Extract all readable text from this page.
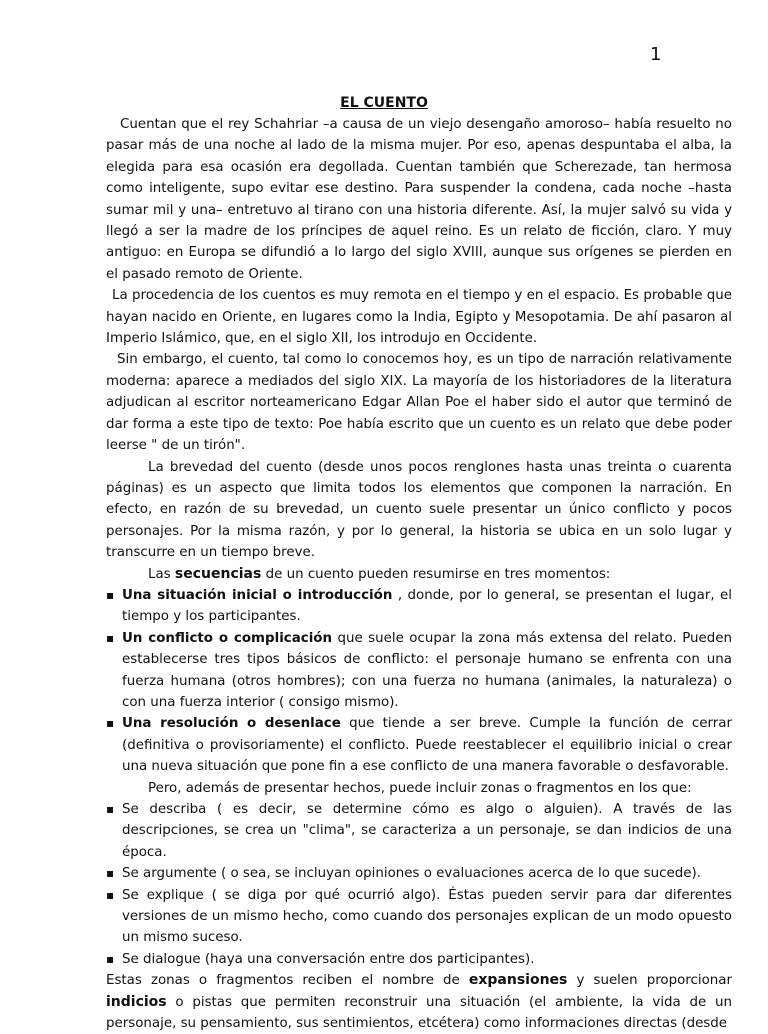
1
EL CUENTO

Cuentan que el rey Schahriar –a causa de un viejo desengaño amoroso– había resuelto no pasar más de una noche al lado de la misma mujer. Por eso, apenas despuntaba el alba, la elegida para esa ocasión era degollada. Cuentan también que Scherezade, tan hermosa como inteligente, supo evitar ese destino. Para suspender la condena, cada noche –hasta sumar mil y una– entretuvo al tirano con una historia diferente. Así, la mujer salvó su vida y llegó a ser la madre de los príncipes de aquel reino. Es un relato de ficción, claro. Y muy antiguo: en Europa se difundió a lo largo del siglo XVIII, aunque sus orígenes se pierden en el pasado remoto de Oriente.

La procedencia de los cuentos es muy remota en el tiempo y en el espacio. Es probable que hayan nacido en Oriente, en lugares como la India, Egipto y Mesopotamia. De ahí pasaron al Imperio Islámico, que, en el siglo XII, los introdujo en Occidente.

Sin embargo, el cuento, tal como lo conocemos hoy, es un tipo de narración relativamente moderna: aparece a mediados del siglo XIX. La mayoría de los historiadores de la literatura adjudican al escritor norteamericano Edgar Allan Poe el haber sido el autor que terminó de dar forma a este tipo de texto: Poe había escrito que un cuento es un relato que debe poder leerse " de un tirón".

La brevedad del cuento (desde unos pocos renglones hasta unas treinta o cuarenta páginas) es un aspecto que limita todos los elementos que componen la narración. En efecto, en razón de su brevedad, un cuento suele presentar un único conflicto y pocos personajes. Por la misma razón, y por lo general, la historia se ubica en un solo lugar y transcurre en un tiempo breve.

Las secuencias de un cuento pueden resumirse en tres momentos:

▪ Una situación inicial o introducción , donde, por lo general, se presentan el lugar, el tiempo y los participantes.
▪ Un conflicto o complicación que suele ocupar la zona más extensa del relato. Pueden establecerse tres tipos básicos de conflicto: el personaje humano se enfrenta con una fuerza humana (otros hombres); con una fuerza no humana (animales, la naturaleza) o con una fuerza interior ( consigo mismo).
▪ Una resolución o desenlace que tiende a ser breve. Cumple la función de cerrar (definitiva o provisoriamente) el conflicto. Puede reestablecer el equilibrio inicial o crear una nueva situación que pone fin a ese conflicto de una manera favorable o desfavorable.

Pero, además de presentar hechos, puede incluir zonas o fragmentos en los que:

▪ Se describa ( es decir, se determine cómo es algo o alguien). A través de las descripciones, se crea un "clima", se caracteriza a un personaje, se dan indicios de una época.
▪ Se argumente ( o sea, se incluyan opiniones o evaluaciones acerca de lo que sucede).
▪ Se explique ( se diga por qué ocurrió algo). Éstas pueden servir para dar diferentes versiones de un mismo hecho, como cuando dos personajes explican de un modo opuesto un mismo suceso.
▪ Se dialogue (haya una conversación entre dos participantes).

Estas zonas o fragmentos reciben el nombre de expansiones y suelen proporcionar indicios o pistas que permiten reconstruir una situación (el ambiente, la vida de un personaje, su pensamiento, sus sentimientos, etcétera) como informaciones directas (desde
